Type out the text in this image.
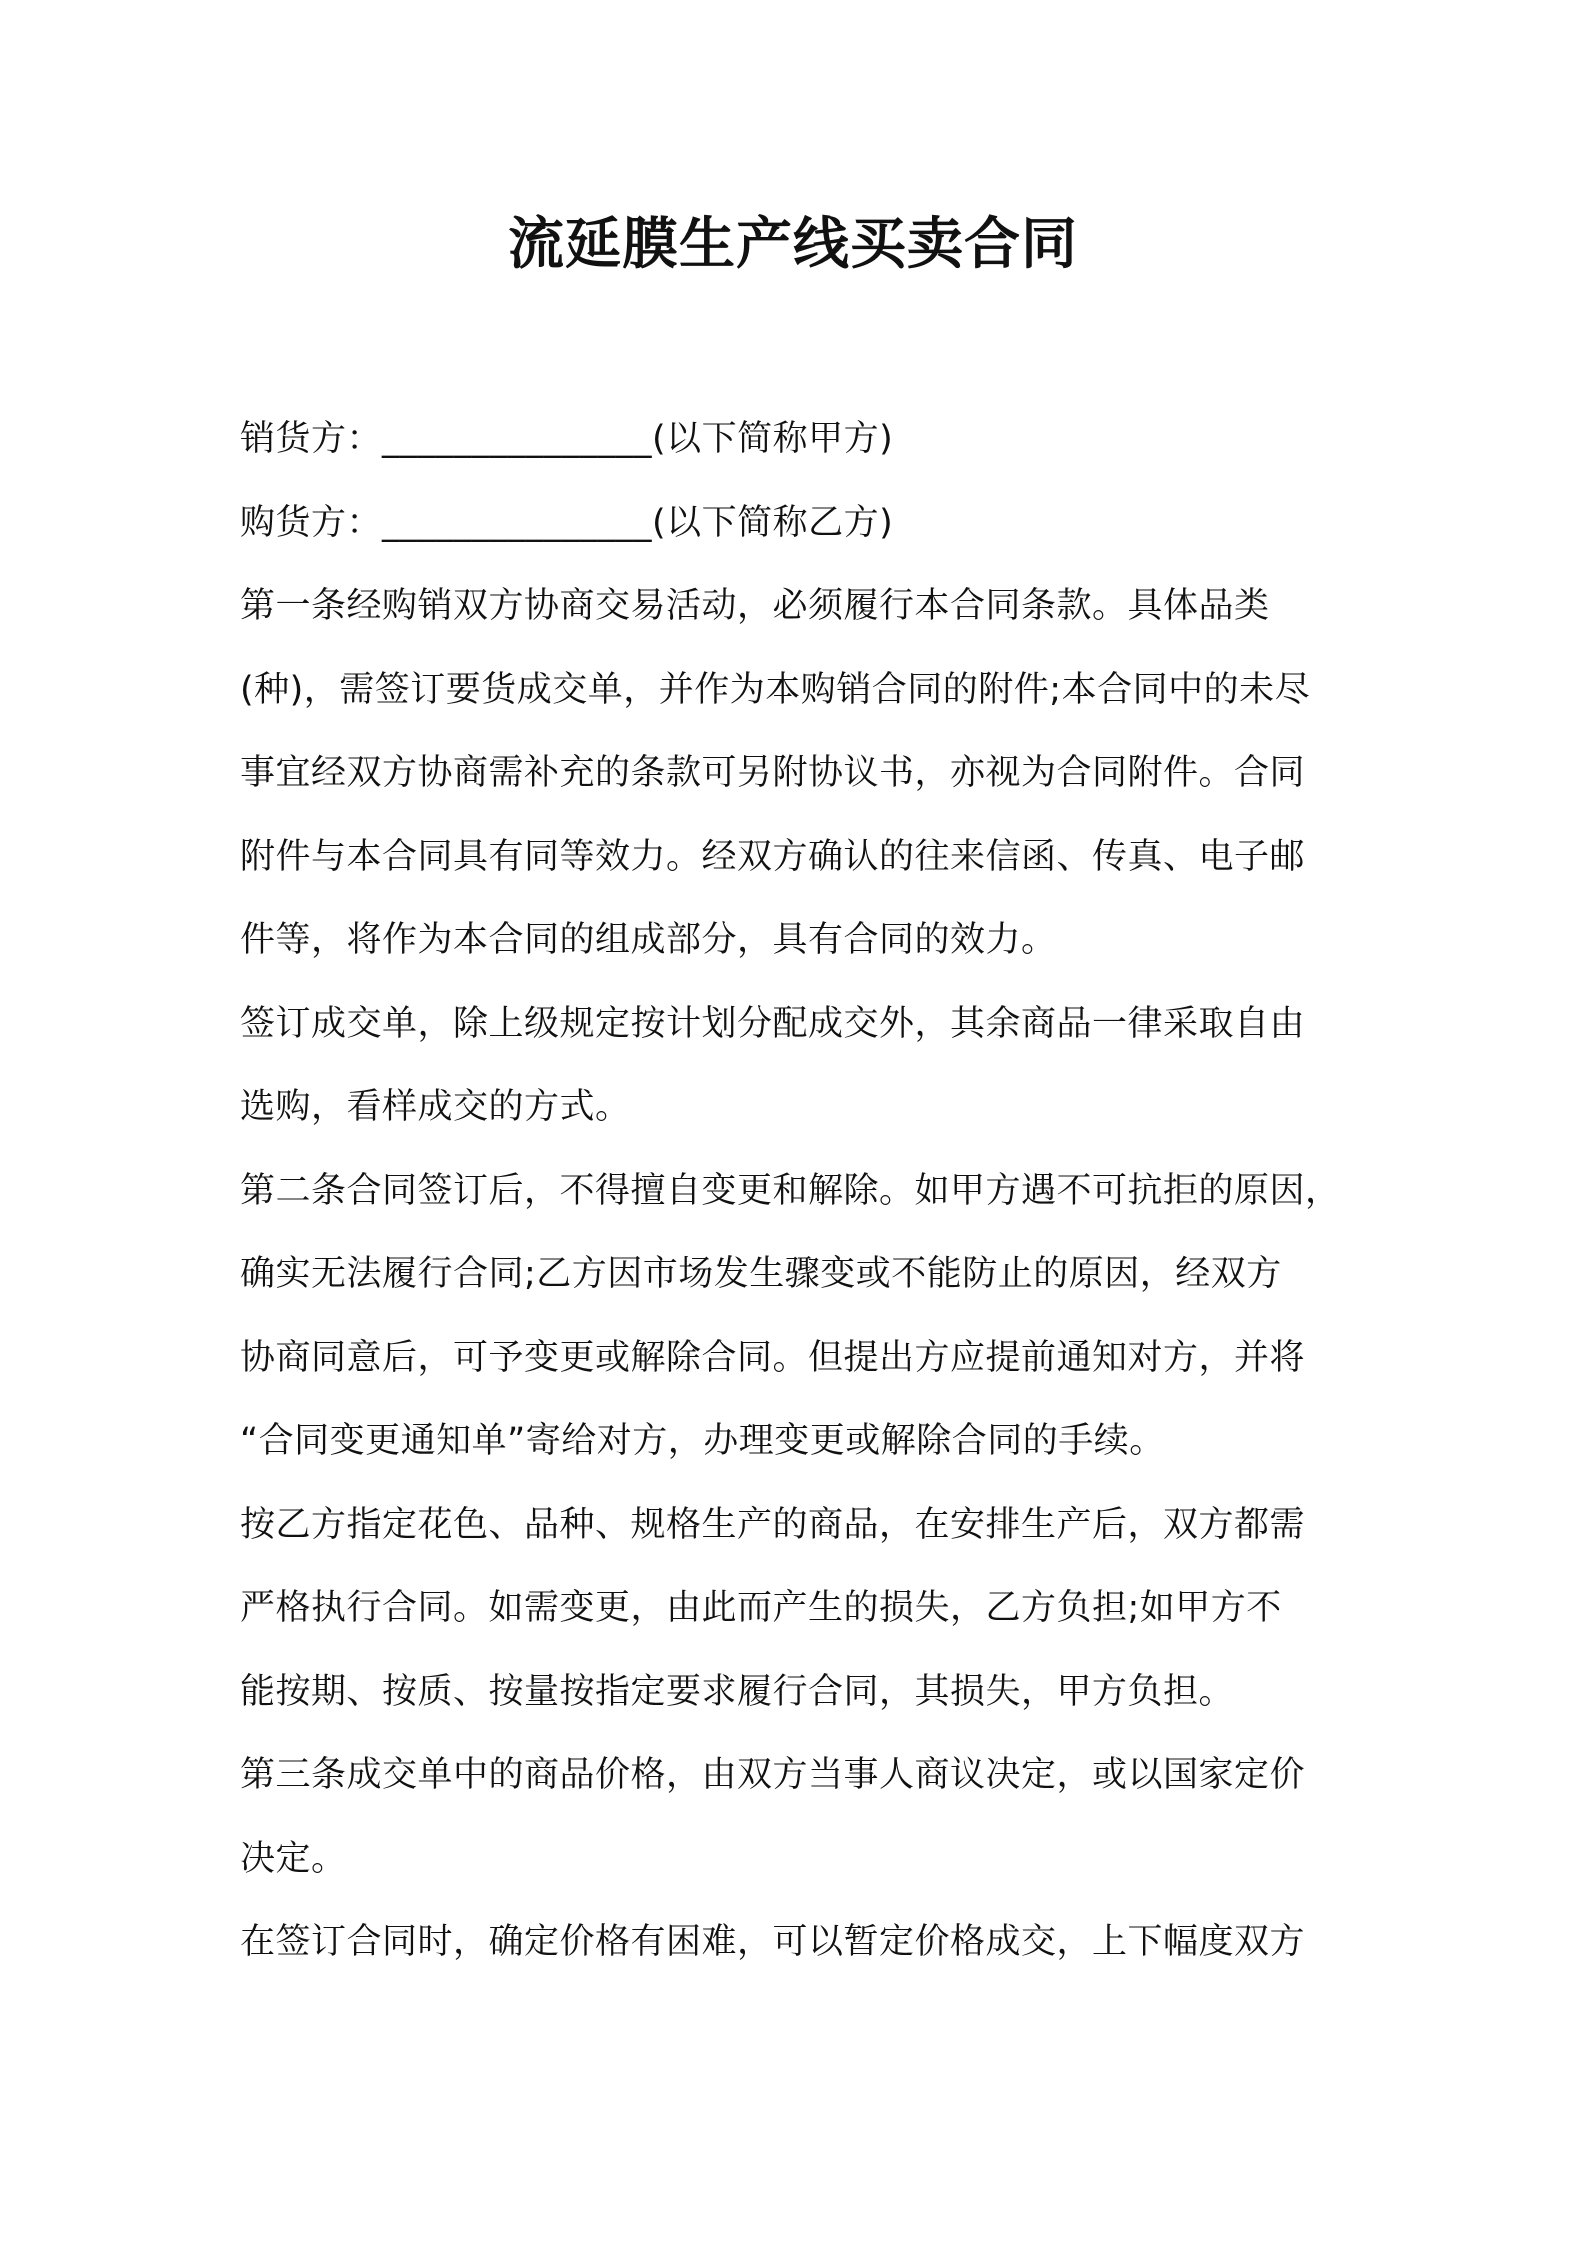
流延膜生产线买卖合同

销货方：_______________(以下简称甲方)

购货方：_______________(以下简称乙方)

第一条经购销双方协商交易活动，必须履行本合同条款。具体品类

(种)，需签订要货成交单，并作为本购销合同的附件;本合同中的未尽

事宜经双方协商需补充的条款可另附协议书，亦视为合同附件。合同

附件与本合同具有同等效力。经双方确认的往来信函、传真、电子邮

件等，将作为本合同的组成部分，具有合同的效力。

签订成交单，除上级规定按计划分配成交外，其余商品一律采取自由

选购，看样成交的方式。

第二条合同签订后，不得擅自变更和解除。如甲方遇不可抗拒的原因，

确实无法履行合同;乙方因市场发生骤变或不能防止的原因，经双方

协商同意后，可予变更或解除合同。但提出方应提前通知对方，并将

“合同变更通知单”寄给对方，办理变更或解除合同的手续。

按乙方指定花色、品种、规格生产的商品，在安排生产后，双方都需

严格执行合同。如需变更，由此而产生的损失，乙方负担;如甲方不

能按期、按质、按量按指定要求履行合同，其损失，甲方负担。

第三条成交单中的商品价格，由双方当事人商议决定，或以国家定价

决定。

在签订合同时，确定价格有困难，可以暂定价格成交，上下幅度双方
